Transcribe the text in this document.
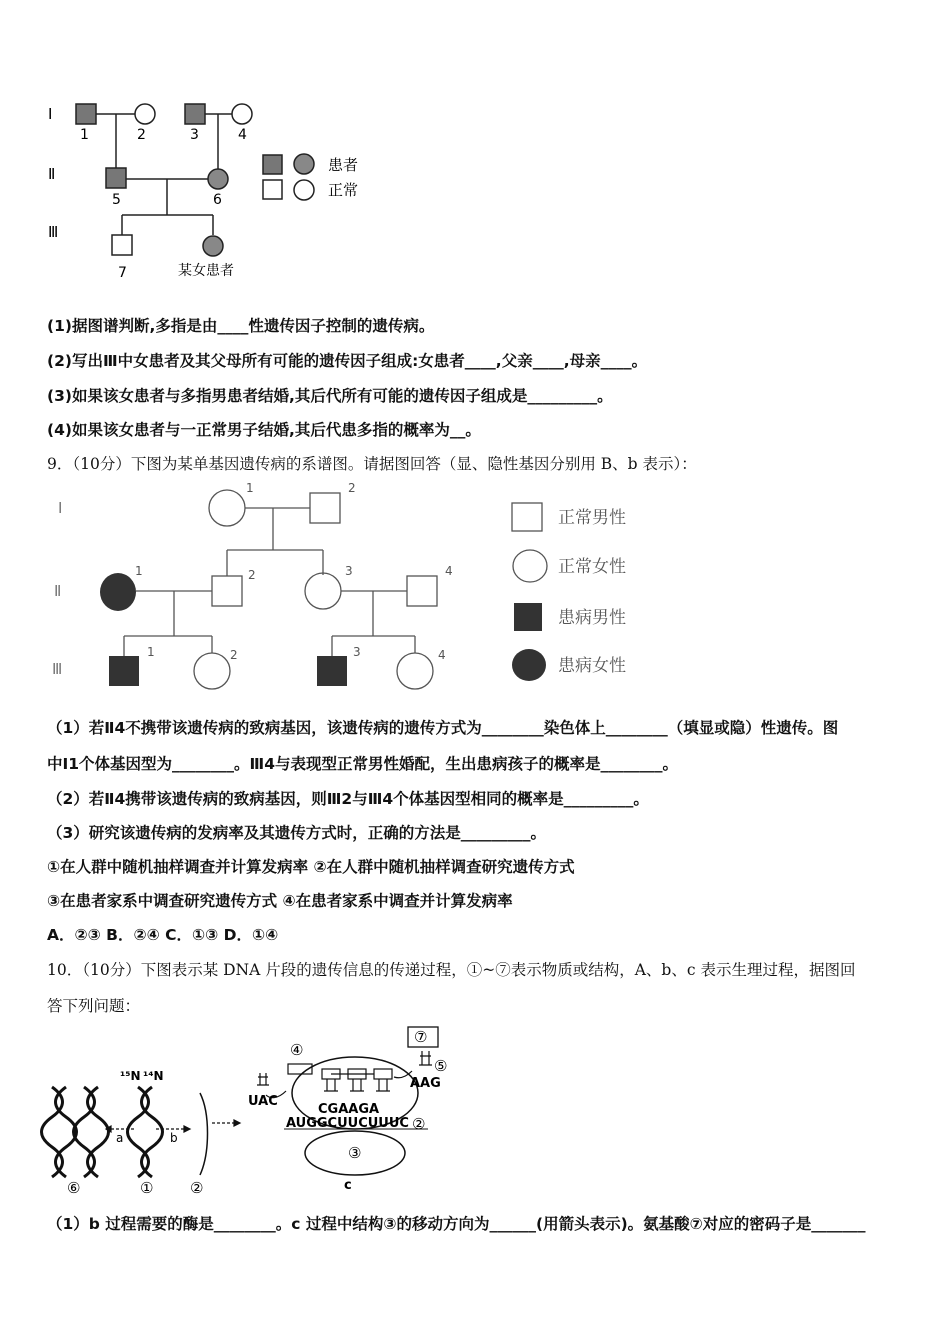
Ⅰ
Ⅱ
Ⅲ
1	2	3	4
5	6
7	某女患者
患者
正常
(1)据图谱判断,多指是由____性遗传因子控制的遗传病。
(2)写出Ⅲ中女患者及其父母所有可能的遗传因子组成:女患者____,父亲____,母亲____。
(3)如果该女患者与多指男患者结婚,其后代所有可能的遗传因子组成是_________。
(4)如果该女患者与一正常男子结婚,其后代患多指的概率为__。
9．（10分）下图为某单基因遗传病的系谱图。请据图回答（显、隐性基因分别用 B、b 表示）：
Ⅰ
Ⅱ
Ⅲ
1	2
1	2	3	4
1	2	3	4
正常男性
正常女性
患病男性
患病女性
（1）若Ⅱ4不携带该遗传病的致病基因，该遗传病的遗传方式为________染色体上________（填显或隐）性遗传。图
中Ⅰ1个体基因型为________。Ⅲ4与表现型正常男性婚配，生出患病孩子的概率是________。
（2）若Ⅱ4携带该遗传病的致病基因，则Ⅲ2与Ⅲ4个体基因型相同的概率是_________。
（3）研究该遗传病的发病率及其遗传方式时，正确的方法是_________。
①在人群中随机抽样调查并计算发病率 ②在人群中随机抽样调查研究遗传方式
③在患者家系中调查研究遗传方式 ④在患者家系中调查并计算发病率
A．②③ B．②④ C．①③ D．①④
10．（10分）下图表示某 DNA 片段的遗传信息的传递过程，①~⑦表示物质或结构，A、b、c 表示生理过程，据图回
答下列问题：
a	b
¹⁵N ¹⁴N
⑥	① ②
③
AUGGCUUCUUUC ②
CGAAGA
④
UAC
⑦
⑤
AAG
c
（1）b 过程需要的酶是________。c 过程中结构③的移动方向为______(用箭头表示)。氨基酸⑦对应的密码子是_______
